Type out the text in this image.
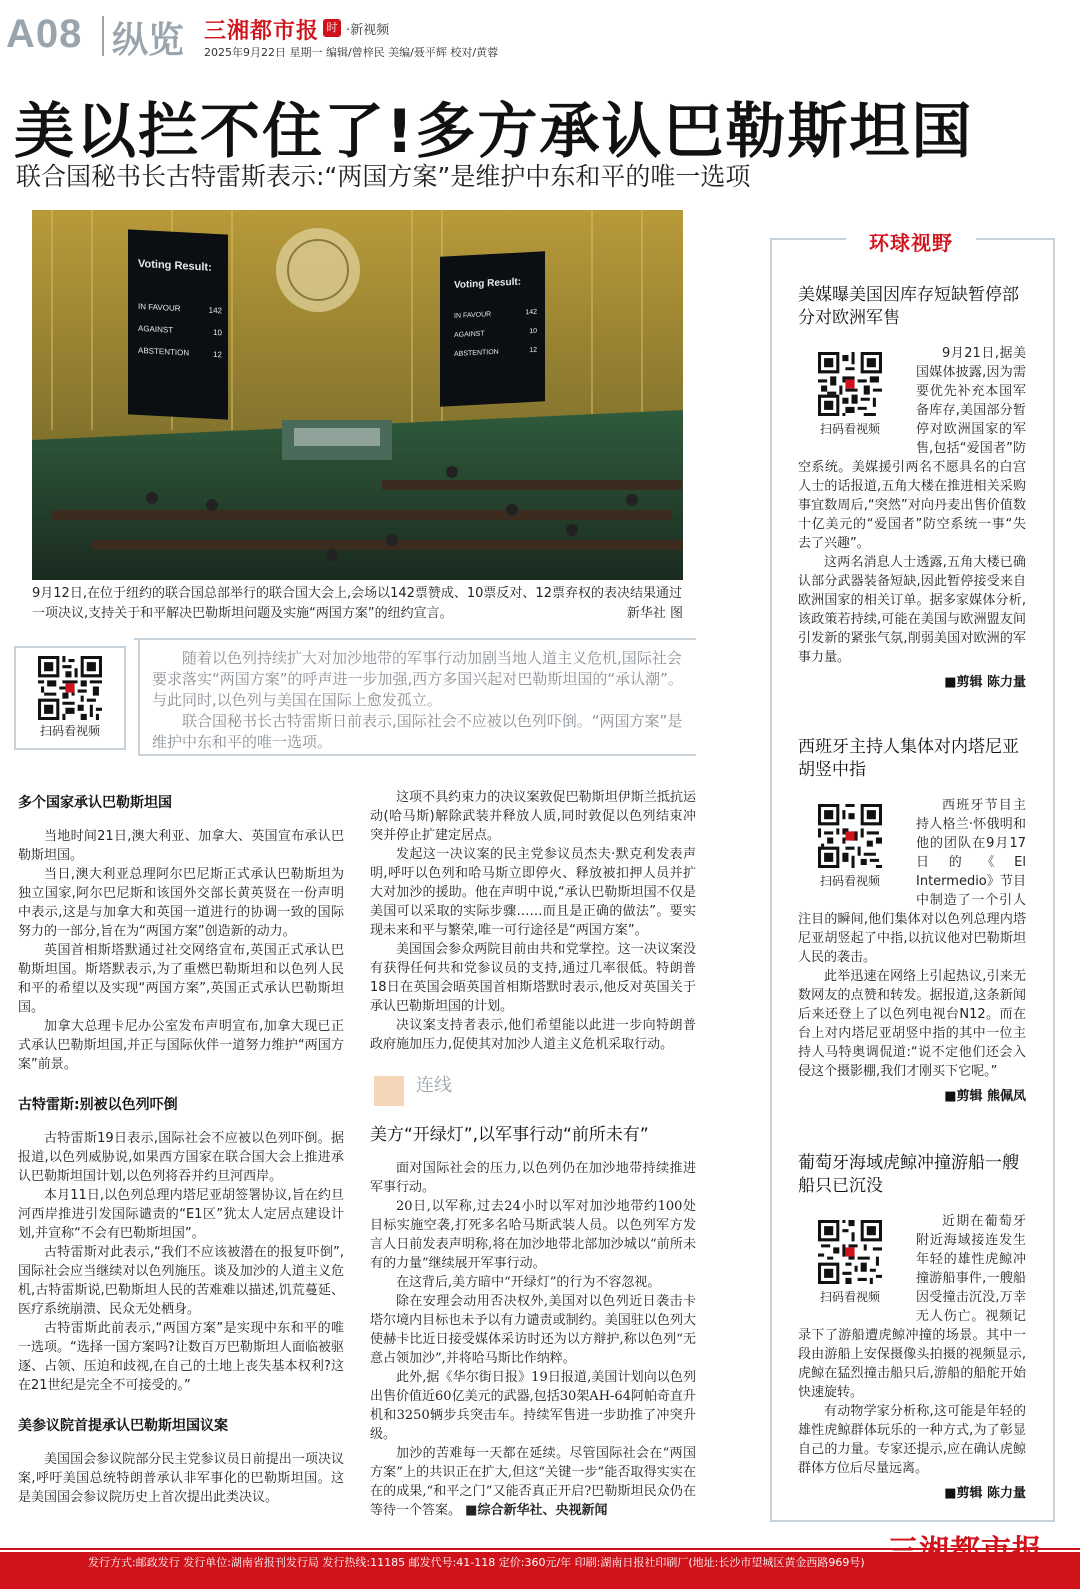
A08 纵览 三湘都市报 时 ·新视频
2025年9月22日 星期一 编辑/曾梓民 美编/聂平辉 校对/黄蓉
美以拦不住了!多方承认巴勒斯坦国
联合国秘书长古特雷斯表示:“两国方案”是维护中东和平的唯一选项
Voting Result:
IN FAVOUR	142
AGAINST	10
ABSTENTION	12
Voting Result:
IN FAVOUR	142
AGAINST	10
ABSTENTION	12
9月12日,在位于纽约的联合国总部举行的联合国大会上,会场以142票赞成、10票反对、12票弃权的表决结果通过一项决议,支持关于和平解决巴勒斯坦问题及实施“两国方案”的纽约宣言。	新华社 图
扫码看视频

随着以色列持续扩大对加沙地带的军事行动加剧当地人道主义危机,国际社会要求落实“两国方案”的呼声进一步加强,西方多国兴起对巴勒斯坦国的“承认潮”。与此同时,以色列与美国在国际上愈发孤立。

联合国秘书长古特雷斯日前表示,国际社会不应被以色列吓倒。“两国方案”是维护中东和平的唯一选项。

多个国家承认巴勒斯坦国

当地时间21日,澳大利亚、加拿大、英国宣布承认巴勒斯坦国。

当日,澳大利亚总理阿尔巴尼斯正式承认巴勒斯坦为独立国家,阿尔巴尼斯和该国外交部长黄英贤在一份声明中表示,这是与加拿大和英国一道进行的协调一致的国际努力的一部分,旨在为“两国方案”创造新的动力。

英国首相斯塔默通过社交网络宣布,英国正式承认巴勒斯坦国。斯塔默表示,为了重燃巴勒斯坦和以色列人民和平的希望以及实现“两国方案”,英国正式承认巴勒斯坦国。

加拿大总理卡尼办公室发布声明宣布,加拿大现已正式承认巴勒斯坦国,并正与国际伙伴一道努力维护“两国方案”前景。

古特雷斯:别被以色列吓倒

古特雷斯19日表示,国际社会不应被以色列吓倒。据报道,以色列威胁说,如果西方国家在联合国大会上推进承认巴勒斯坦国计划,以色列将吞并约旦河西岸。

本月11日,以色列总理内塔尼亚胡签署协议,旨在约旦河西岸推进引发国际谴责的“E1区”犹太人定居点建设计划,并宣称“不会有巴勒斯坦国”。

古特雷斯对此表示,“我们不应该被潜在的报复吓倒”,国际社会应当继续对以色列施压。谈及加沙的人道主义危机,古特雷斯说,巴勒斯坦人民的苦难难以描述,饥荒蔓延、医疗系统崩溃、民众无处栖身。

古特雷斯此前表示,“两国方案”是实现中东和平的唯一选项。“选择一国方案吗?让数百万巴勒斯坦人面临被驱逐、占领、压迫和歧视,在自己的土地上丧失基本权利?这在21世纪是完全不可接受的。”

美参议院首提承认巴勒斯坦国议案

美国国会参议院部分民主党参议员日前提出一项决议案,呼吁美国总统特朗普承认非军事化的巴勒斯坦国。这是美国国会参议院历史上首次提出此类决议。

这项不具约束力的决议案敦促巴勒斯坦伊斯兰抵抗运动(哈马斯)解除武装并释放人质,同时敦促以色列结束冲突并停止扩建定居点。

发起这一决议案的民主党参议员杰夫·默克利发表声明,呼吁以色列和哈马斯立即停火、释放被扣押人员并扩大对加沙的援助。他在声明中说,“承认巴勒斯坦国不仅是美国可以采取的实际步骤……而且是正确的做法”。要实现未来和平与繁荣,唯一可行途径是“两国方案”。

美国国会参众两院目前由共和党掌控。这一决议案没有获得任何共和党参议员的支持,通过几率很低。特朗普18日在英国会晤英国首相斯塔默时表示,他反对英国关于承认巴勒斯坦国的计划。

决议案支持者表示,他们希望能以此进一步向特朗普政府施加压力,促使其对加沙人道主义危机采取行动。

连线
美方“开绿灯”,以军事行动“前所未有”

面对国际社会的压力,以色列仍在加沙地带持续推进军事行动。

20日,以军称,过去24小时以军对加沙地带约100处目标实施空袭,打死多名哈马斯武装人员。以色列军方发言人日前发表声明称,将在加沙地带北部加沙城以“前所未有的力量”继续展开军事行动。

在这背后,美方暗中“开绿灯”的行为不容忽视。

除在安理会动用否决权外,美国对以色列近日袭击卡塔尔境内目标也未予以有力谴责或制约。美国驻以色列大使赫卡比近日接受媒体采访时还为以方辩护,称以色列“无意占领加沙”,并将哈马斯比作纳粹。

此外,据《华尔街日报》19日报道,美国计划向以色列出售价值近60亿美元的武器,包括30架AH-64阿帕奇直升机和3250辆步兵突击车。持续军售进一步助推了冲突升级。

加沙的苦难每一天都在延续。尽管国际社会在“两国方案”上的共识正在扩大,但这“关键一步”能否取得实实在在的成果,“和平之门”又能否真正开启?巴勒斯坦民众仍在等待一个答案。 ■综合新华社、央视新闻

环球视野
美媒曝美国因库存短缺暂停部分对欧洲军售
扫码看视频

9月21日,据美国媒体披露,因为需要优先补充本国军备库存,美国部分暂停对欧洲国家的军售,包括“爱国者”防空系统。美媒援引两名不愿具名的白宫人士的话报道,五角大楼在推进相关采购事宜数周后,“突然”对向丹麦出售价值数十亿美元的“爱国者”防空系统一事“失去了兴趣”。

这两名消息人士透露,五角大楼已确认部分武器装备短缺,因此暂停接受来自欧洲国家的相关订单。据多家媒体分析,该政策若持续,可能在美国与欧洲盟友间引发新的紧张气氛,削弱美国对欧洲的军事力量。

■剪辑 陈力量
西班牙主持人集体对内塔尼亚胡竖中指
扫码看视频

西班牙节目主持人格兰·怀俄明和他的团队在9月17日的《El Intermedio》节目中制造了一个引人注目的瞬间,他们集体对以色列总理内塔尼亚胡竖起了中指,以抗议他对巴勒斯坦人民的袭击。

此举迅速在网络上引起热议,引来无数网友的点赞和转发。据报道,这条新闻后来还登上了以色列电视台N12。而在台上对内塔尼亚胡竖中指的其中一位主持人马特奥调侃道:“说不定他们还会入侵这个摄影棚,我们才刚买下它呢。”

■剪辑 熊佩凤
葡萄牙海域虎鲸冲撞游船一艘船只已沉没
扫码看视频

近期在葡萄牙附近海域接连发生年轻的雄性虎鲸冲撞游船事件,一艘船因受撞击沉没,万幸无人伤亡。视频记录下了游船遭虎鲸冲撞的场景。其中一段由游船上安保摄像头拍摄的视频显示,虎鲸在猛烈撞击船只后,游船的船舵开始快速旋转。

有动物学家分析称,这可能是年轻的雄性虎鲸群体玩乐的一种方式,为了彰显自己的力量。专家还提示,应在确认虎鲸群体方位后尽量远离。

■剪辑 陈力量
发行方式:邮政发行 发行单位:湖南省报刊发行局 发行热线:11185 邮发代号:41-118 定价:360元/年 印刷:湖南日报社印刷厂(地址:长沙市望城区黄金西路969号)
